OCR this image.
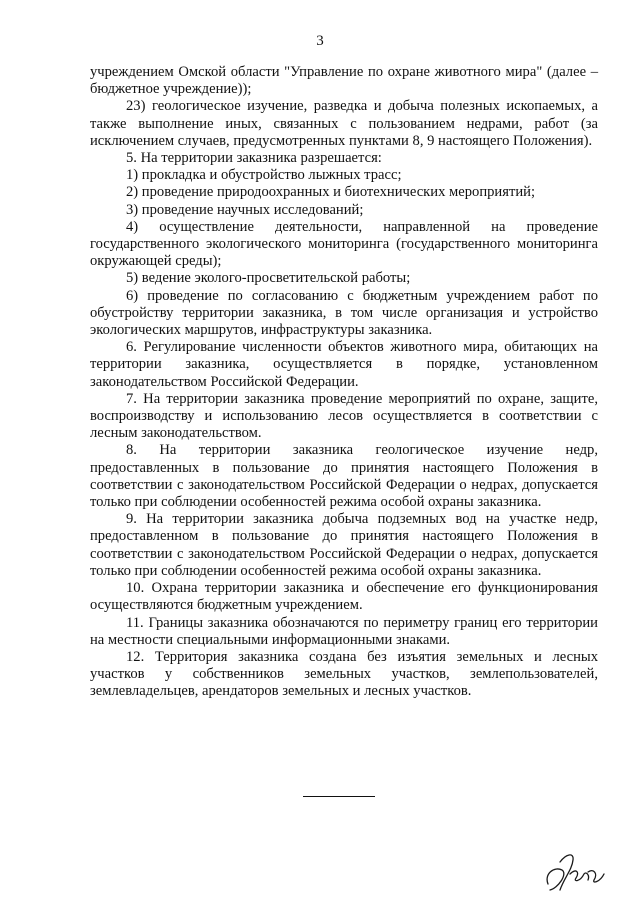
3

учреждением Омской области "Управление по охране животного мира" (далее – бюджетное учреждение));

23) геологическое изучение, разведка и добыча полезных ископаемых, а также выполнение иных, связанных с пользованием недрами, работ (за исключением случаев, предусмотренных пунктами 8, 9 настоящего Положения).

5. На территории заказника разрешается:

1) прокладка и обустройство лыжных трасс;

2) проведение природоохранных и биотехнических мероприятий;

3) проведение научных исследований;

4) осуществление деятельности, направленной на проведение государственного экологического мониторинга (государственного мониторинга окружающей среды);

5) ведение эколого-просветительской работы;

6) проведение по согласованию с бюджетным учреждением работ по обустройству территории заказника, в том числе организация и устройство экологических маршрутов, инфраструктуры заказника.

6. Регулирование численности объектов животного мира, обитающих на территории заказника, осуществляется в порядке, установленном законодательством Российской Федерации.

7. На территории заказника проведение мероприятий по охране, защите, воспроизводству и использованию лесов осуществляется в соответствии с лесным законодательством.

8. На территории заказника геологическое изучение недр, предоставленных в пользование до принятия настоящего Положения в соответствии с законодательством Российской Федерации о недрах, допускается только при соблюдении особенностей режима особой охраны заказника.

9. На территории заказника добыча подземных вод на участке недр, предоставленном в пользование до принятия настоящего Положения в соответствии с законодательством Российской Федерации о недрах, допускается только при соблюдении особенностей режима особой охраны заказника.

10. Охрана территории заказника и обеспечение его функционирования осуществляются бюджетным учреждением.

11. Границы заказника обозначаются по периметру границ его территории на местности специальными информационными знаками.

12. Территория заказника создана без изъятия земельных и лесных участков у собственников земельных участков, землепользователей, землевладельцев, арендаторов земельных и лесных участков.
